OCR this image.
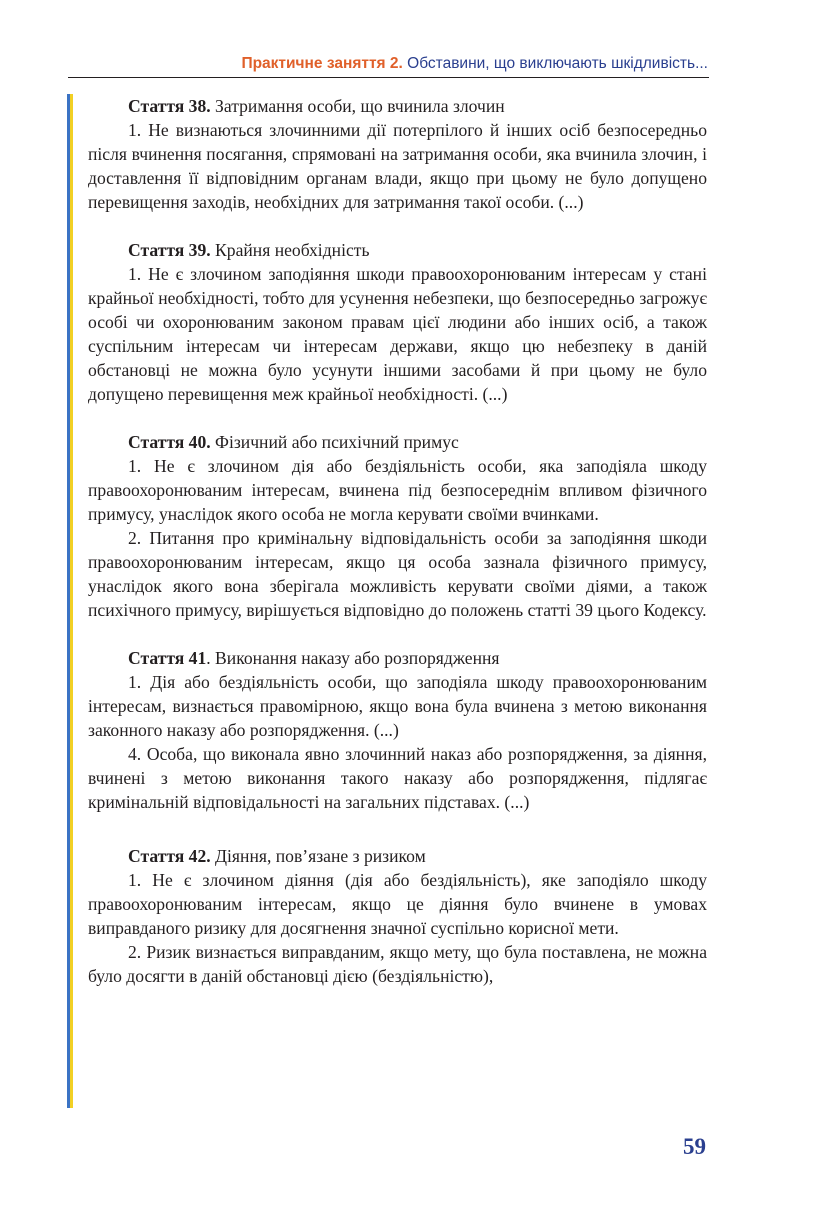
Практичне заняття 2. Обставини, що виключають шкідливість...
Стаття 38. Затримання особи, що вчинила злочин

1. Не визнаються злочинними дії потерпілого й інших осіб безпосередньо після вчинення посягання, спрямовані на затримання особи, яка вчинила злочин, і доставлення її відповідним органам влади, якщо при цьому не було допущено перевищення заходів, необхідних для затримання такої особи. (...)

Стаття 39. Крайня необхідність

1. Не є злочином заподіяння шкоди правоохоронюваним інтересам у стані крайньої необхідності, тобто для усунення небезпеки, що безпосередньо загрожує особі чи охоронюваним законом правам цієї людини або інших осіб, а також суспільним інтересам чи інтересам держави, якщо цю небезпеку в даній обстановці не можна було усунути іншими засобами й при цьому не було допущено перевищення меж крайньої необхідності. (...)

Стаття 40. Фізичний або психічний примус

1. Не є злочином дія або бездіяльність особи, яка заподіяла шкоду правоохоронюваним інтересам, вчинена під безпосереднім впливом фізичного примусу, унаслідок якого особа не могла керувати своїми вчинками.

2. Питання про кримінальну відповідальність особи за заподіяння шкоди правоохоронюваним інтересам, якщо ця особа зазнала фізичного примусу, унаслідок якого вона зберігала можливість керувати своїми діями, а також психічного примусу, вирішується відповідно до положень статті 39 цього Кодексу.

Стаття 41. Виконання наказу або розпорядження

1. Дія або бездіяльність особи, що заподіяла шкоду правоохоронюваним інтересам, визнається правомірною, якщо вона була вчинена з метою виконання законного наказу або розпорядження. (...)

4. Особа, що виконала явно злочинний наказ або розпорядження, за діяння, вчинені з метою виконання такого наказу або розпорядження, підлягає кримінальній відповідальності на загальних підставах. (...)

Стаття 42. Діяння, пов’язане з ризиком

1. Не є злочином діяння (дія або бездіяльність), яке заподіяло шкоду правоохоронюваним інтересам, якщо це діяння було вчинене в умовах виправданого ризику для досягнення значної суспільно корисної мети.

2. Ризик визнається виправданим, якщо мету, що була поставлена, не можна було досягти в даній обстановці дією (бездіяльністю),

59
